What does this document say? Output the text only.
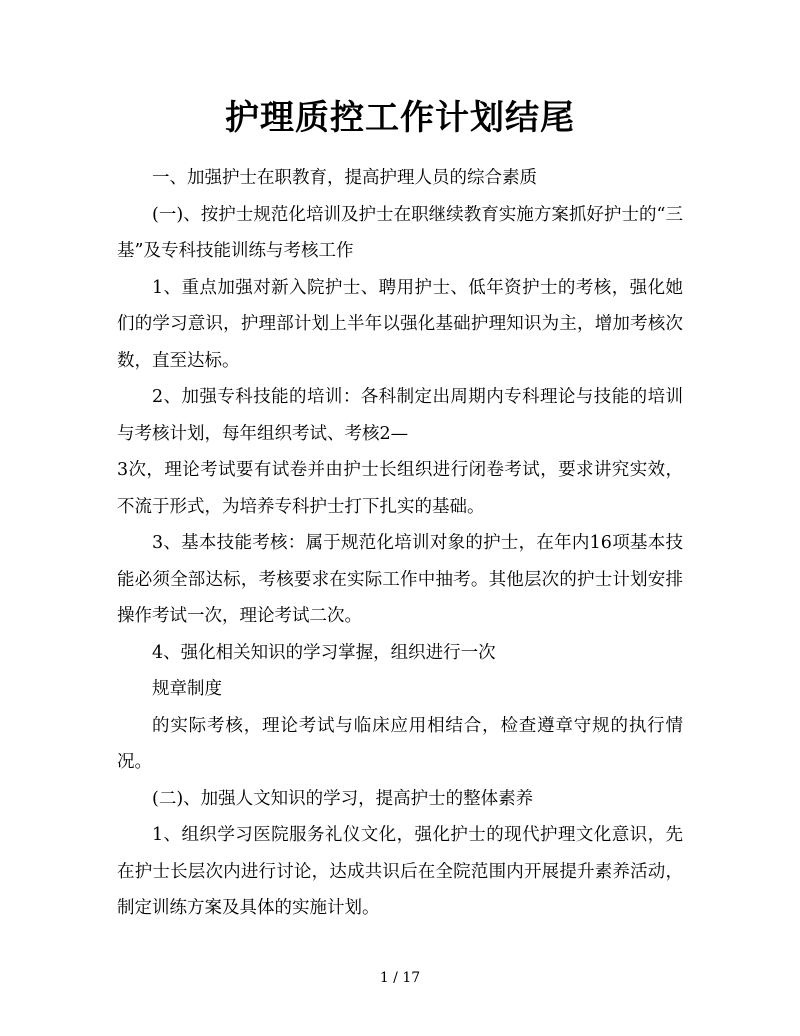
护理质控工作计划结尾

一、加强护士在职教育，提高护理人员的综合素质

(一)、按护士规范化培训及护士在职继续教育实施方案抓好护士的“三基”及专科技能训练与考核工作

1、重点加强对新入院护士、聘用护士、低年资护士的考核，强化她们的学习意识，护理部计划上半年以强化基础护理知识为主，增加考核次数，直至达标。

2、加强专科技能的培训：各科制定出周期内专科理论与技能的培训与考核计划，每年组织考试、考核2—

3次，理论考试要有试卷并由护士长组织进行闭卷考试，要求讲究实效，不流于形式，为培养专科护士打下扎实的基础。

3、基本技能考核：属于规范化培训对象的护士，在年内16项基本技能必须全部达标，考核要求在实际工作中抽考。其他层次的护士计划安排操作考试一次，理论考试二次。

4、强化相关知识的学习掌握，组织进行一次

规章制度

的实际考核，理论考试与临床应用相结合，检查遵章守规的执行情况。

(二)、加强人文知识的学习，提高护士的整体素养

1、组织学习医院服务礼仪文化，强化护士的现代护理文化意识，先在护士长层次内进行讨论，达成共识后在全院范围内开展提升素养活动，制定训练方案及具体的实施计划。

1 / 17
